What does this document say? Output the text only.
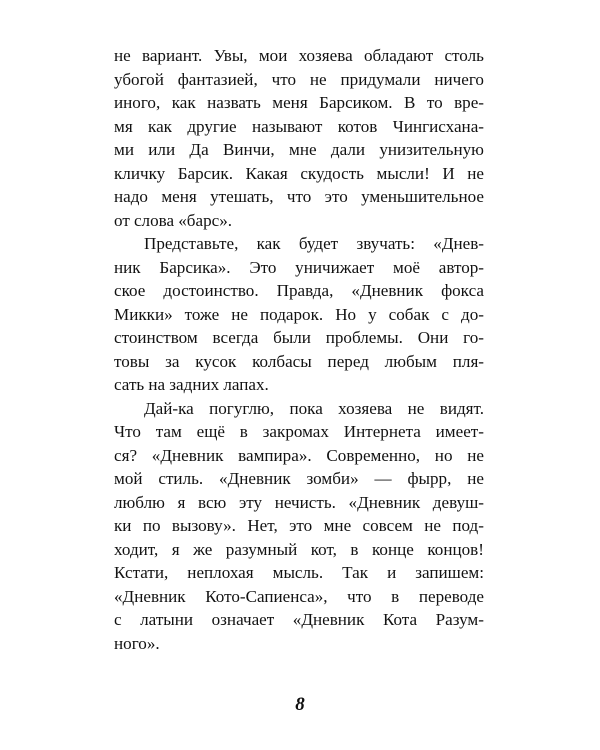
не вариант. Увы, мои хозяева обладают столь
убогой фантазией, что не придумали ничего
иного, как назвать меня Барсиком. В то вре-
мя как другие называют котов Чингисхана-
ми или Да Винчи, мне дали унизительную
кличку Барсик. Какая скудость мысли! И не
надо меня утешать, что это уменьшительное
от слова «барс».
Представьте, как будет звучать: «Днев-
ник Барсика». Это уничижает моё автор-
ское достоинство. Правда, «Дневник фокса
Микки» тоже не подарок. Но у собак с до-
стоинством всегда были проблемы. Они го-
товы за кусок колбасы перед любым пля-
сать на задних лапах.
Дай-ка погуглю, пока хозяева не видят.
Что там ещё в закромах Интернета имеет-
ся? «Дневник вампира». Современно, но не
мой стиль. «Дневник зомби» — фырр, не
люблю я всю эту нечисть. «Дневник девуш-
ки по вызову». Нет, это мне совсем не под-
ходит, я же разумный кот, в конце концов!
Кстати, неплохая мысль. Так и запишем:
«Дневник Кото-Сапиенса», что в переводе
с латыни означает «Дневник Кота Разум-
ного».
8
